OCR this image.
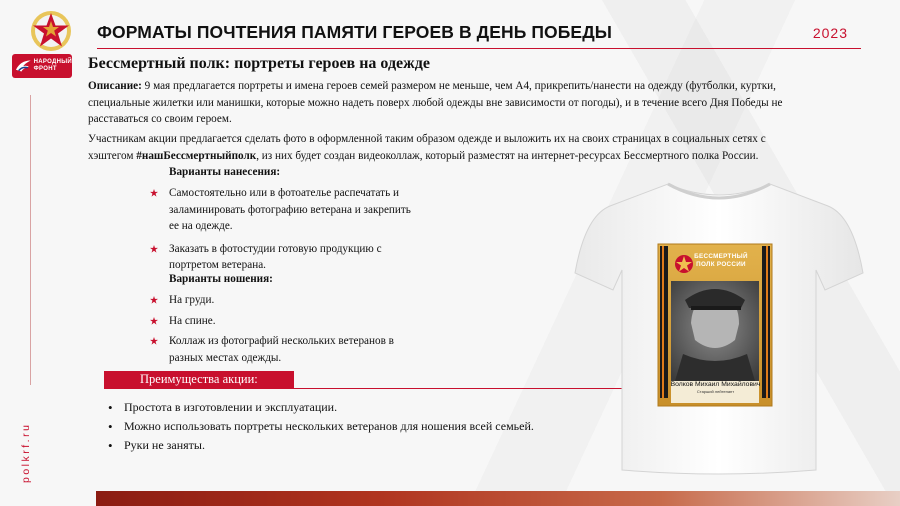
НАРОДНЫЙ
ФРОНТ
ФОРМАТЫ ПОЧТЕНИЯ ПАМЯТИ ГЕРОЕВ В ДЕНЬ ПОБЕДЫ	2023
polkrf.ru
Бессмертный полк: портреты героев на одежде
Описание: 9 мая предлагается портреты и имена героев семей размером не меньше, чем А4, прикрепить/нанести на одежду (футболки, куртки, специальные жилетки или манишки, которые можно надеть поверх любой одежды вне зависимости от погоды), и в течение всего Дня Победы не расставаться со своим героем.
Участникам акции предлагается сделать фото в оформленной таким образом одежде и выложить их на своих страницах в социальных сетях с хэштегом #нашБессмертныйполк, из них будет создан видеоколлаж, который разместят на интернет-ресурсах Бессмертного полка России.
Варианты нанесения:
Самостоятельно или в фотоателье распечатать и заламинировать фотографию ветерана и закрепить ее на одежде.
Заказать в фотостудии готовую продукцию с портретом ветерана.
Варианты ношения:
На груди.
На спине.
Коллаж из фотографий нескольких ветеранов в разных местах одежды.
Преимущества акции:
• Простота в изготовлении и эксплуатации.
• Можно использовать портреты нескольких ветеранов для ношения всей семьей.
• Руки не заняты.
БЕССМЕРТНЫЙ
ПОЛК РОССИИ
Волков Михаил Михайлович
Старший лейтенант
